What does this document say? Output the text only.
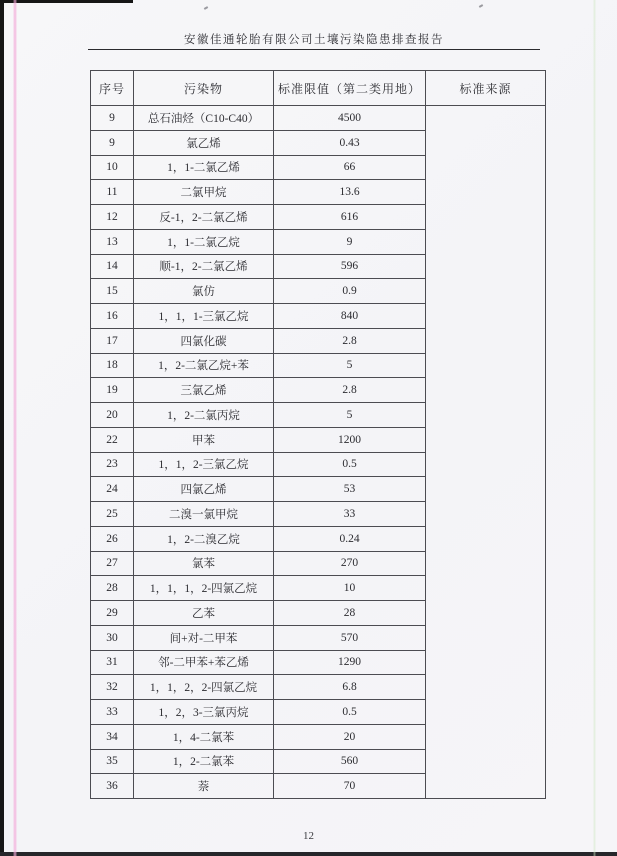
安徽佳通轮胎有限公司土壤污染隐患排查报告
序号	污染物	标准限值（第二类用地）	标准来源
9	总石油烃（C10-C40）	4500	
9	氯乙烯	0.43	
10	1，1-二氯乙烯	66	
11	二氯甲烷	13.6	
12	反-1，2-二氯乙烯	616	
13	1，1-二氯乙烷	9	
14	顺-1，2-二氯乙烯	596	
15	氯仿	0.9	
16	1，1，1-三氯乙烷	840	
17	四氯化碳	2.8	
18	1，2-二氯乙烷+苯	5	
19	三氯乙烯	2.8	
20	1，2-二氯丙烷	5	
22	甲苯	1200	
23	1，1，2-三氯乙烷	0.5	
24	四氯乙烯	53	
25	二溴一氯甲烷	33	
26	1，2-二溴乙烷	0.24	
27	氯苯	270	
28	1，1，1，2-四氯乙烷	10	
29	乙苯	28	
30	间+对-二甲苯	570	
31	邻-二甲苯+苯乙烯	1290	
32	1，1，2，2-四氯乙烷	6.8	
33	1，2，3-三氯丙烷	0.5	
34	1，4-二氯苯	20	
35	1，2-二氯苯	560	
36	萘	70	
12
